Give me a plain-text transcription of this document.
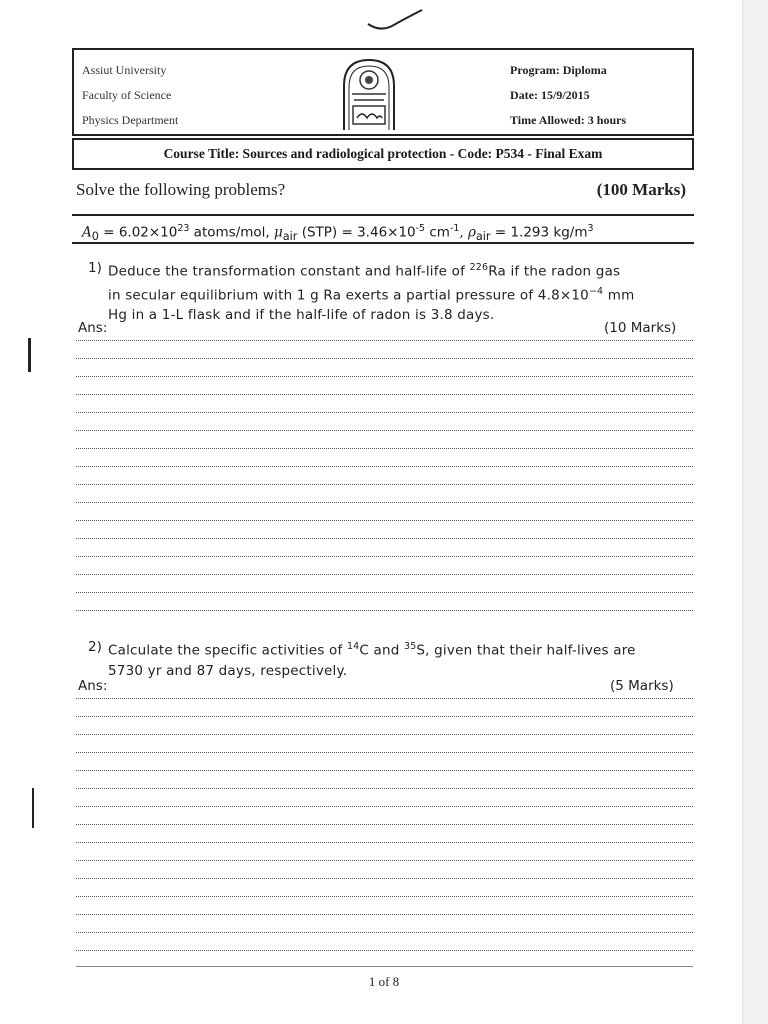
Assiut University
Faculty of Science
Physics Department
Program: Diploma
Date: 15/9/2015
Time Allowed: 3 hours
Course Title: Sources and radiological protection - Code: P534 - Final Exam
Solve the following problems?	(100 Marks)
$A_0 = 6.02\times 10^{23}$ atoms/mol, $\mu_{air}$ $(STP) = 3.46\times 10^{-5}$ $cm^{-1}$, $\rho_{air} = 1.293$ $kg/m^3$
1) Deduce the transformation constant and half-life of $^{226}$Ra if the radon gas
in secular equilibrium with 1 g Ra exerts a partial pressure of $4.8\times 10^{-4}$ mm
Hg in a 1-L flask and if the half-life of radon is 3.8 days.
Ans:	(10 Marks)
2) Calculate the specific activities of $^{14}$C and $^{35}$S, given that their half-lives are
5730 yr and 87 days, respectively.
Ans:	(5 Marks)
1 of 8
